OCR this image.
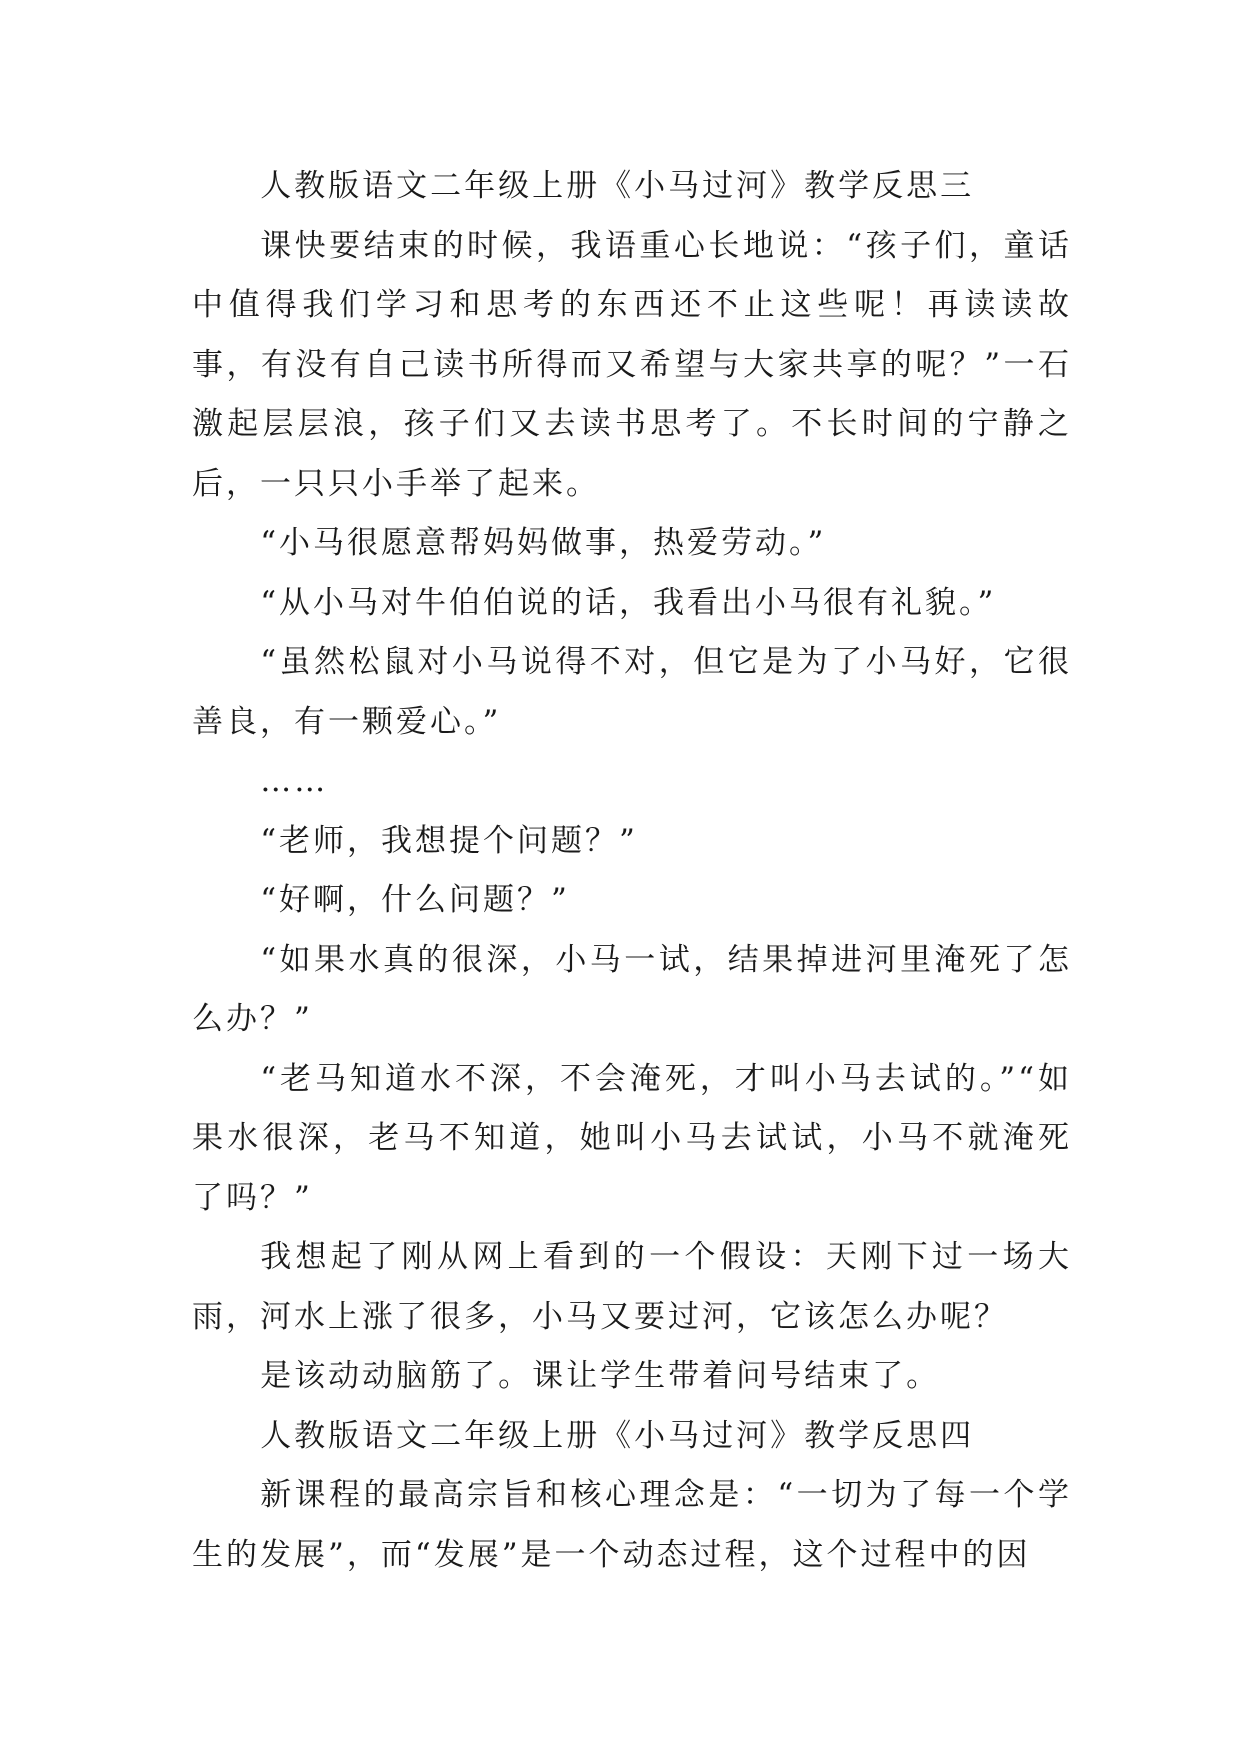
人教版语文二年级上册《小马过河》教学反思三

课快要结束的时候，我语重心长地说：“孩子们，童话中值得我们学习和思考的东西还不止这些呢！再读读故事，有没有自己读书所得而又希望与大家共享的呢？”一石激起层层浪，孩子们又去读书思考了。不长时间的宁静之后，一只只小手举了起来。

“小马很愿意帮妈妈做事，热爱劳动。”

“从小马对牛伯伯说的话，我看出小马很有礼貌。”

“虽然松鼠对小马说得不对，但它是为了小马好，它很善良，有一颗爱心。”

……

“老师，我想提个问题？”

“好啊，什么问题？”

“如果水真的很深，小马一试，结果掉进河里淹死了怎么办？”

“老马知道水不深，不会淹死，才叫小马去试的。”“如果水很深，老马不知道，她叫小马去试试，小马不就淹死了吗？”

我想起了刚从网上看到的一个假设：天刚下过一场大雨，河水上涨了很多，小马又要过河，它该怎么办呢？

是该动动脑筋了。课让学生带着问号结束了。

人教版语文二年级上册《小马过河》教学反思四

新课程的最高宗旨和核心理念是：“一切为了每一个学生的发展”，而“发展”是一个动态过程，这个过程中的因
